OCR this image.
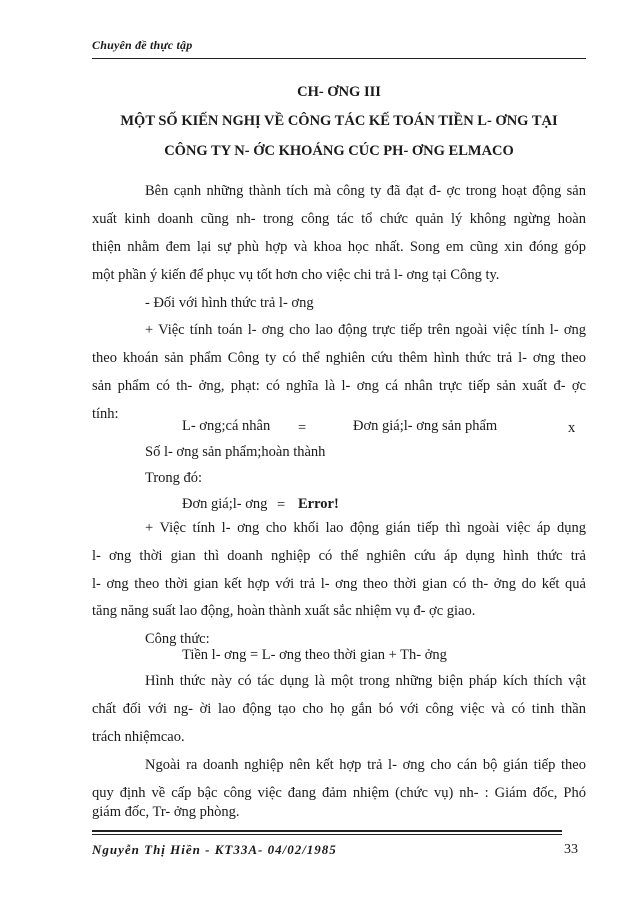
Chuyên đề thực tập
CH- ƠNG III
MỘT SỐ KIẾN NGHỊ VỀ CÔNG TÁC KẾ TOÁN TIỀN L- ƠNG TẠI
CÔNG TY N- ỚC KHOÁNG CÚC PH- ƠNG ELMACO
Bên cạnh những thành tích mà công ty đã đạt đ- ợc trong hoạt động sản
xuất kinh doanh cũng nh- trong công tác tổ chức quản lý không ngừng hoàn
thiện nhằm đem lại sự phù hợp và khoa học nhất. Song em cũng xin đóng góp
một phần ý kiến để phục vụ tốt hơn cho việc chi trả l- ơng tại Công ty.
- Đối với hình thức trả l- ơng
+ Việc tính toán l- ơng cho lao động trực tiếp trên ngoài việc tính l- ơng
theo khoán sản phẩm Công ty có thể nghiên cứu thêm hình thức trả l- ơng theo
sản phẩm có th- ởng, phạt: có nghĩa là l- ơng cá nhân trực tiếp sản xuất đ- ợc
tính:
L- ơng;cá nhân =	Đơn giá;l- ơng sản phẩm	x
Số l- ơng sản phẩm;hoàn thành
Trong đó:
Đơn giá;l- ơng = Error!
+ Việc tính l- ơng cho khối lao động gián tiếp thì ngoài việc áp dụng
l- ơng thời gian thì doanh nghiệp có thể nghiên cứu áp dụng hình thức trả
l- ơng theo thời gian kết hợp với trả l- ơng theo thời gian có th- ởng do kết quả
tăng năng suất lao động, hoàn thành xuất sắc nhiệm vụ đ- ợc giao.
Công thức:
Tiền l- ơng = L- ơng theo thời gian + Th- ởng
Hình thức này có tác dụng là một trong những biện pháp kích thích vật
chất đối với ng- ời lao động tạo cho họ gắn bó với công việc và có tinh thần
trách nhiệmcao.
Ngoài ra doanh nghiệp nên kết hợp trả l- ơng cho cán bộ gián tiếp theo
quy định về cấp bậc công việc đang đảm nhiệm (chức vụ) nh- : Giám đốc, Phó
giám đốc, Tr- ởng phòng.
Nguyễn Thị Hiền - KT33A- 04/02/1985	33
